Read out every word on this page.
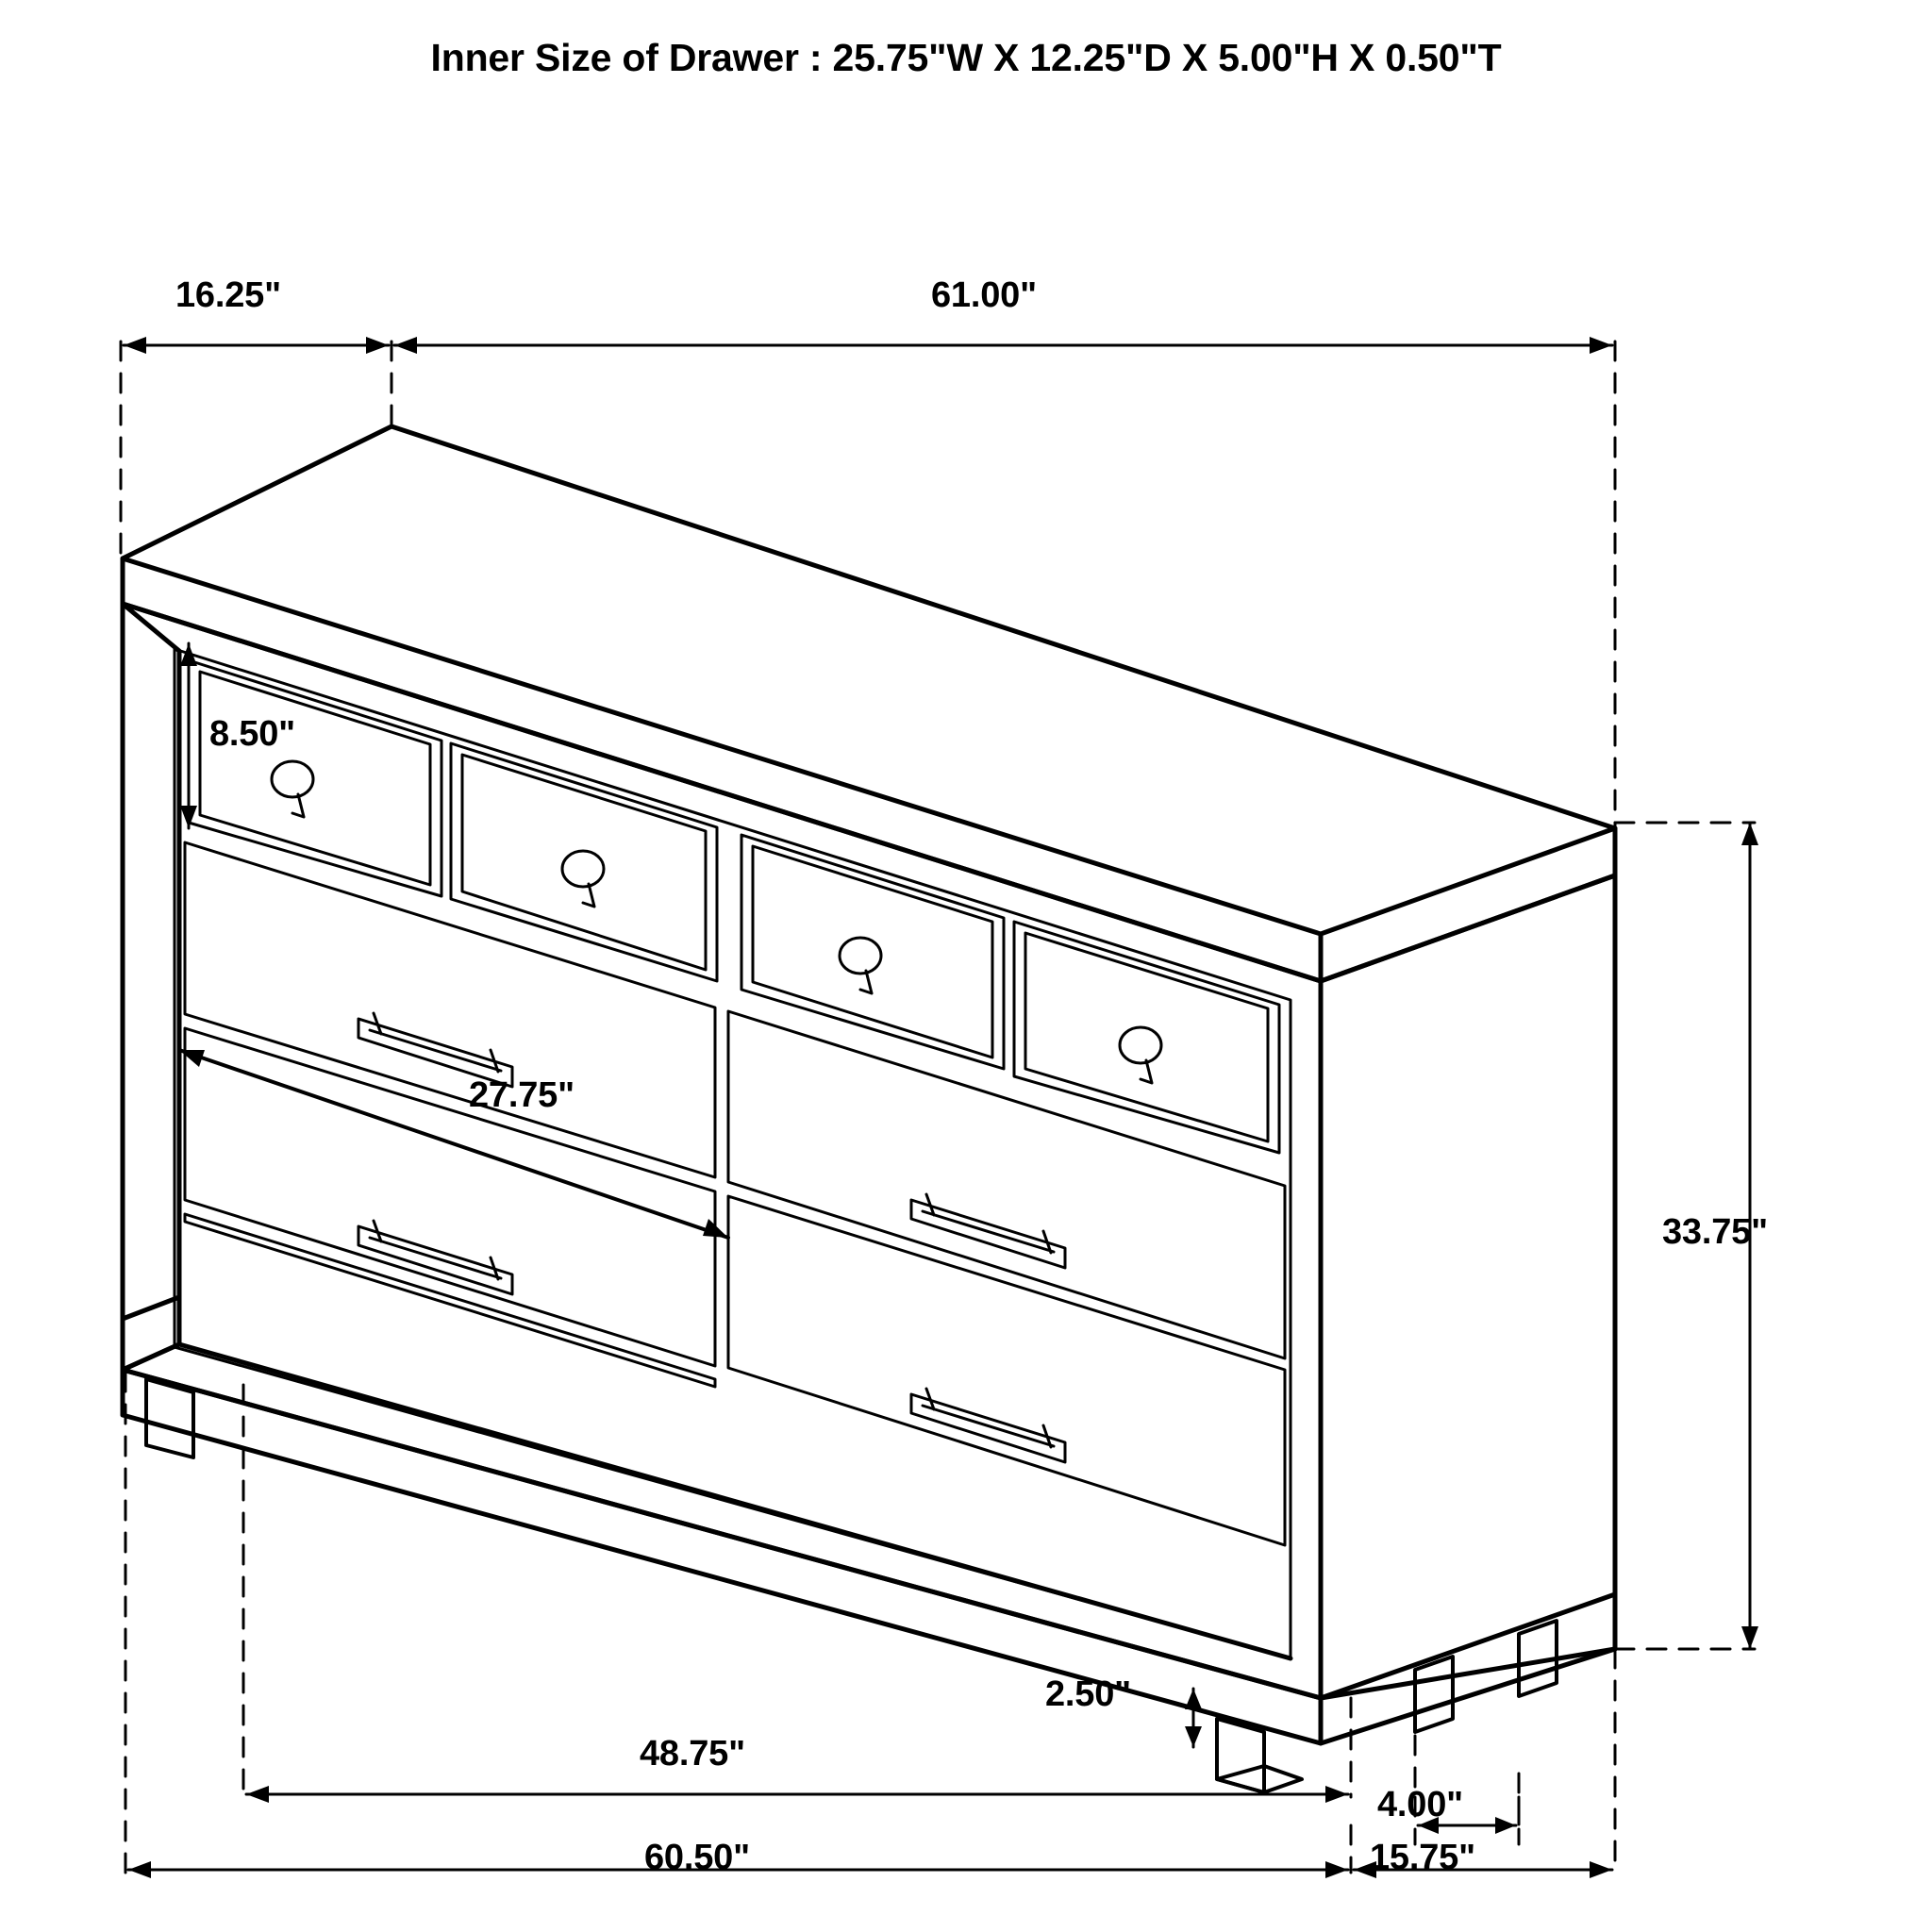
Inner Size of Drawer : 25.75"W X 12.25"D X 5.00"H X 0.50"T
16.25"	61.00"
8.50"
27.75"
33.75"
2.50"
48.75"
4.00"
15.75"
60.50"
